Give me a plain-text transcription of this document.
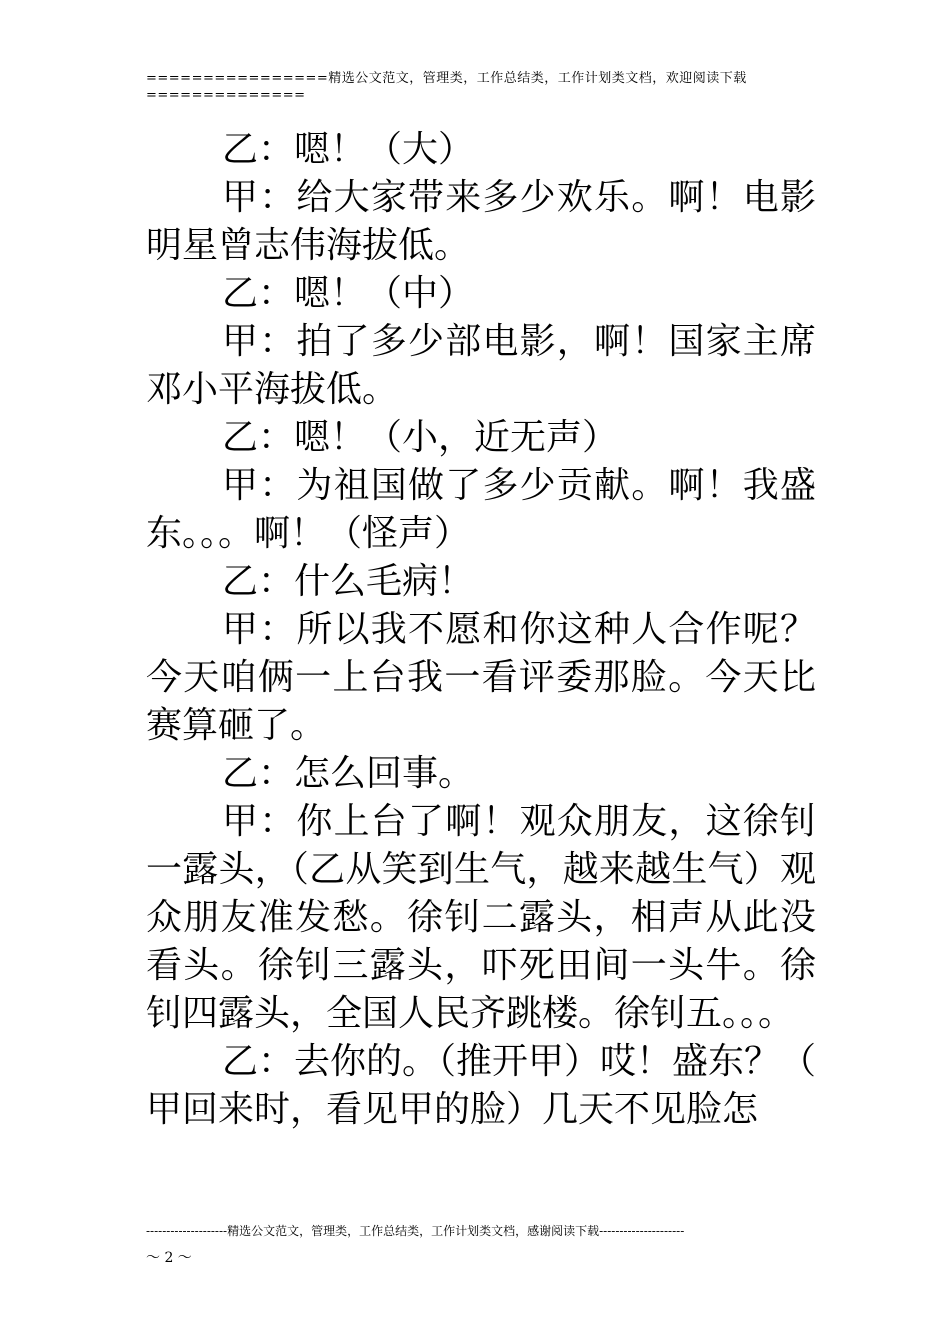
================精选公文范文，管理类，工作总结类，工作计划类文档，欢迎阅读下载
==============

乙：嗯！（大）

甲：给大家带来多少欢乐。啊！电影明星曾志伟海拔低。

乙：嗯！（中）

甲：拍了多少部电影，啊！国家主席邓小平海拔低。

乙：嗯！（小，近无声）

甲：为祖国做了多少贡献。啊！我盛东。。。啊！（怪声）

乙：什么毛病！

甲：所以我不愿和你这种人合作呢？今天咱俩一上台我一看评委那脸。今天比赛算砸了。

乙：怎么回事。

甲：你上台了啊！观众朋友，这徐钊一露头，（乙从笑到生气，越来越生气）观众朋友准发愁。徐钊二露头，相声从此没看头。徐钊三露头，吓死田间一头牛。徐钊四露头，全国人民齐跳楼。徐钊五。。。

乙：去你的。（推开甲）哎！盛东？（甲回来时，看见甲的脸）几天不见脸怎

--------------------精选公文范文，管理类，工作总结类，工作计划类文档，感谢阅读下载---------------------
～ 2 ～
